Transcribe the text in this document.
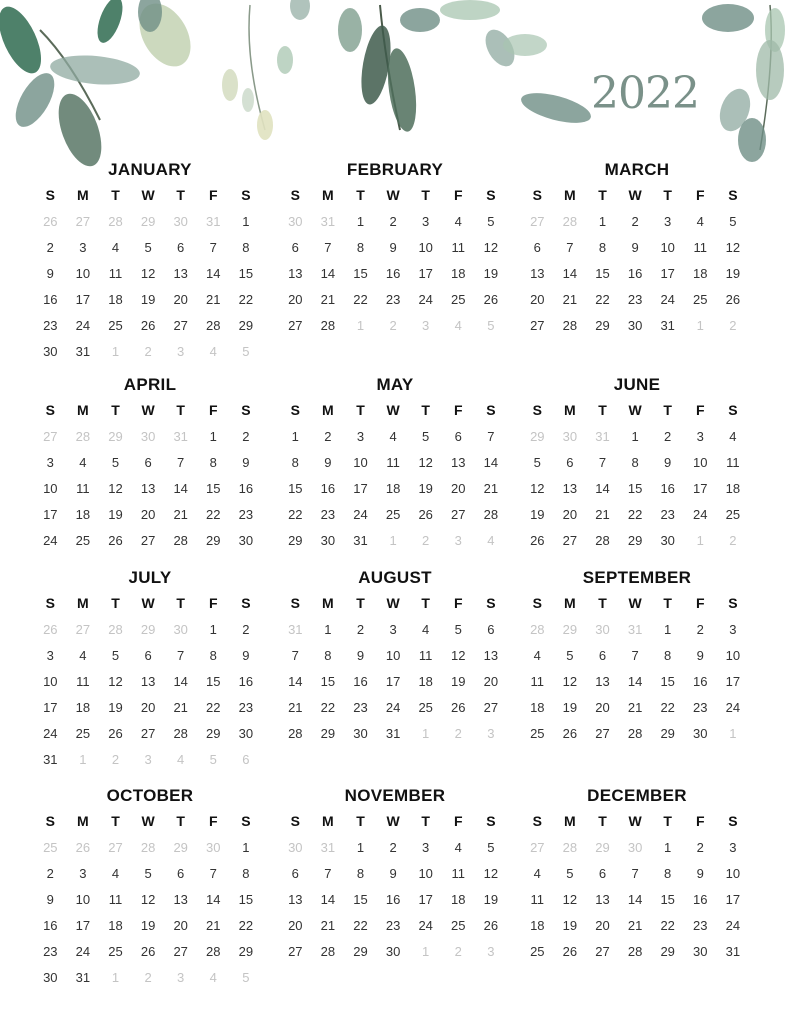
2022
JANUARY
S	M	T	W	T	F	S
26	27	28	29	30	31	1
2	3	4	5	6	7	8
9	10	11	12	13	14	15
16	17	18	19	20	21	22
23	24	25	26	27	28	29
30	31	1	2	3	4	5
FEBRUARY
S	M	T	W	T	F	S
30	31	1	2	3	4	5
6	7	8	9	10	11	12
13	14	15	16	17	18	19
20	21	22	23	24	25	26
27	28	1	2	3	4	5
MARCH
S	M	T	W	T	F	S
27	28	1	2	3	4	5
6	7	8	9	10	11	12
13	14	15	16	17	18	19
20	21	22	23	24	25	26
27	28	29	30	31	1	2
APRIL
S	M	T	W	T	F	S
27	28	29	30	31	1	2
3	4	5	6	7	8	9
10	11	12	13	14	15	16
17	18	19	20	21	22	23
24	25	26	27	28	29	30
MAY
S	M	T	W	T	F	S
1	2	3	4	5	6	7
8	9	10	11	12	13	14
15	16	17	18	19	20	21
22	23	24	25	26	27	28
29	30	31	1	2	3	4
JUNE
S	M	T	W	T	F	S
29	30	31	1	2	3	4
5	6	7	8	9	10	11
12	13	14	15	16	17	18
19	20	21	22	23	24	25
26	27	28	29	30	1	2
JULY
S	M	T	W	T	F	S
26	27	28	29	30	1	2
3	4	5	6	7	8	9
10	11	12	13	14	15	16
17	18	19	20	21	22	23
24	25	26	27	28	29	30
31	1	2	3	4	5	6
AUGUST
S	M	T	W	T	F	S
31	1	2	3	4	5	6
7	8	9	10	11	12	13
14	15	16	17	18	19	20
21	22	23	24	25	26	27
28	29	30	31	1	2	3
SEPTEMBER
S	M	T	W	T	F	S
28	29	30	31	1	2	3
4	5	6	7	8	9	10
11	12	13	14	15	16	17
18	19	20	21	22	23	24
25	26	27	28	29	30	1
OCTOBER
S	M	T	W	T	F	S
25	26	27	28	29	30	1
2	3	4	5	6	7	8
9	10	11	12	13	14	15
16	17	18	19	20	21	22
23	24	25	26	27	28	29
30	31	1	2	3	4	5
NOVEMBER
S	M	T	W	T	F	S
30	31	1	2	3	4	5
6	7	8	9	10	11	12
13	14	15	16	17	18	19
20	21	22	23	24	25	26
27	28	29	30	1	2	3
DECEMBER
S	M	T	W	T	F	S
27	28	29	30	1	2	3
4	5	6	7	8	9	10
11	12	13	14	15	16	17
18	19	20	21	22	23	24
25	26	27	28	29	30	31
